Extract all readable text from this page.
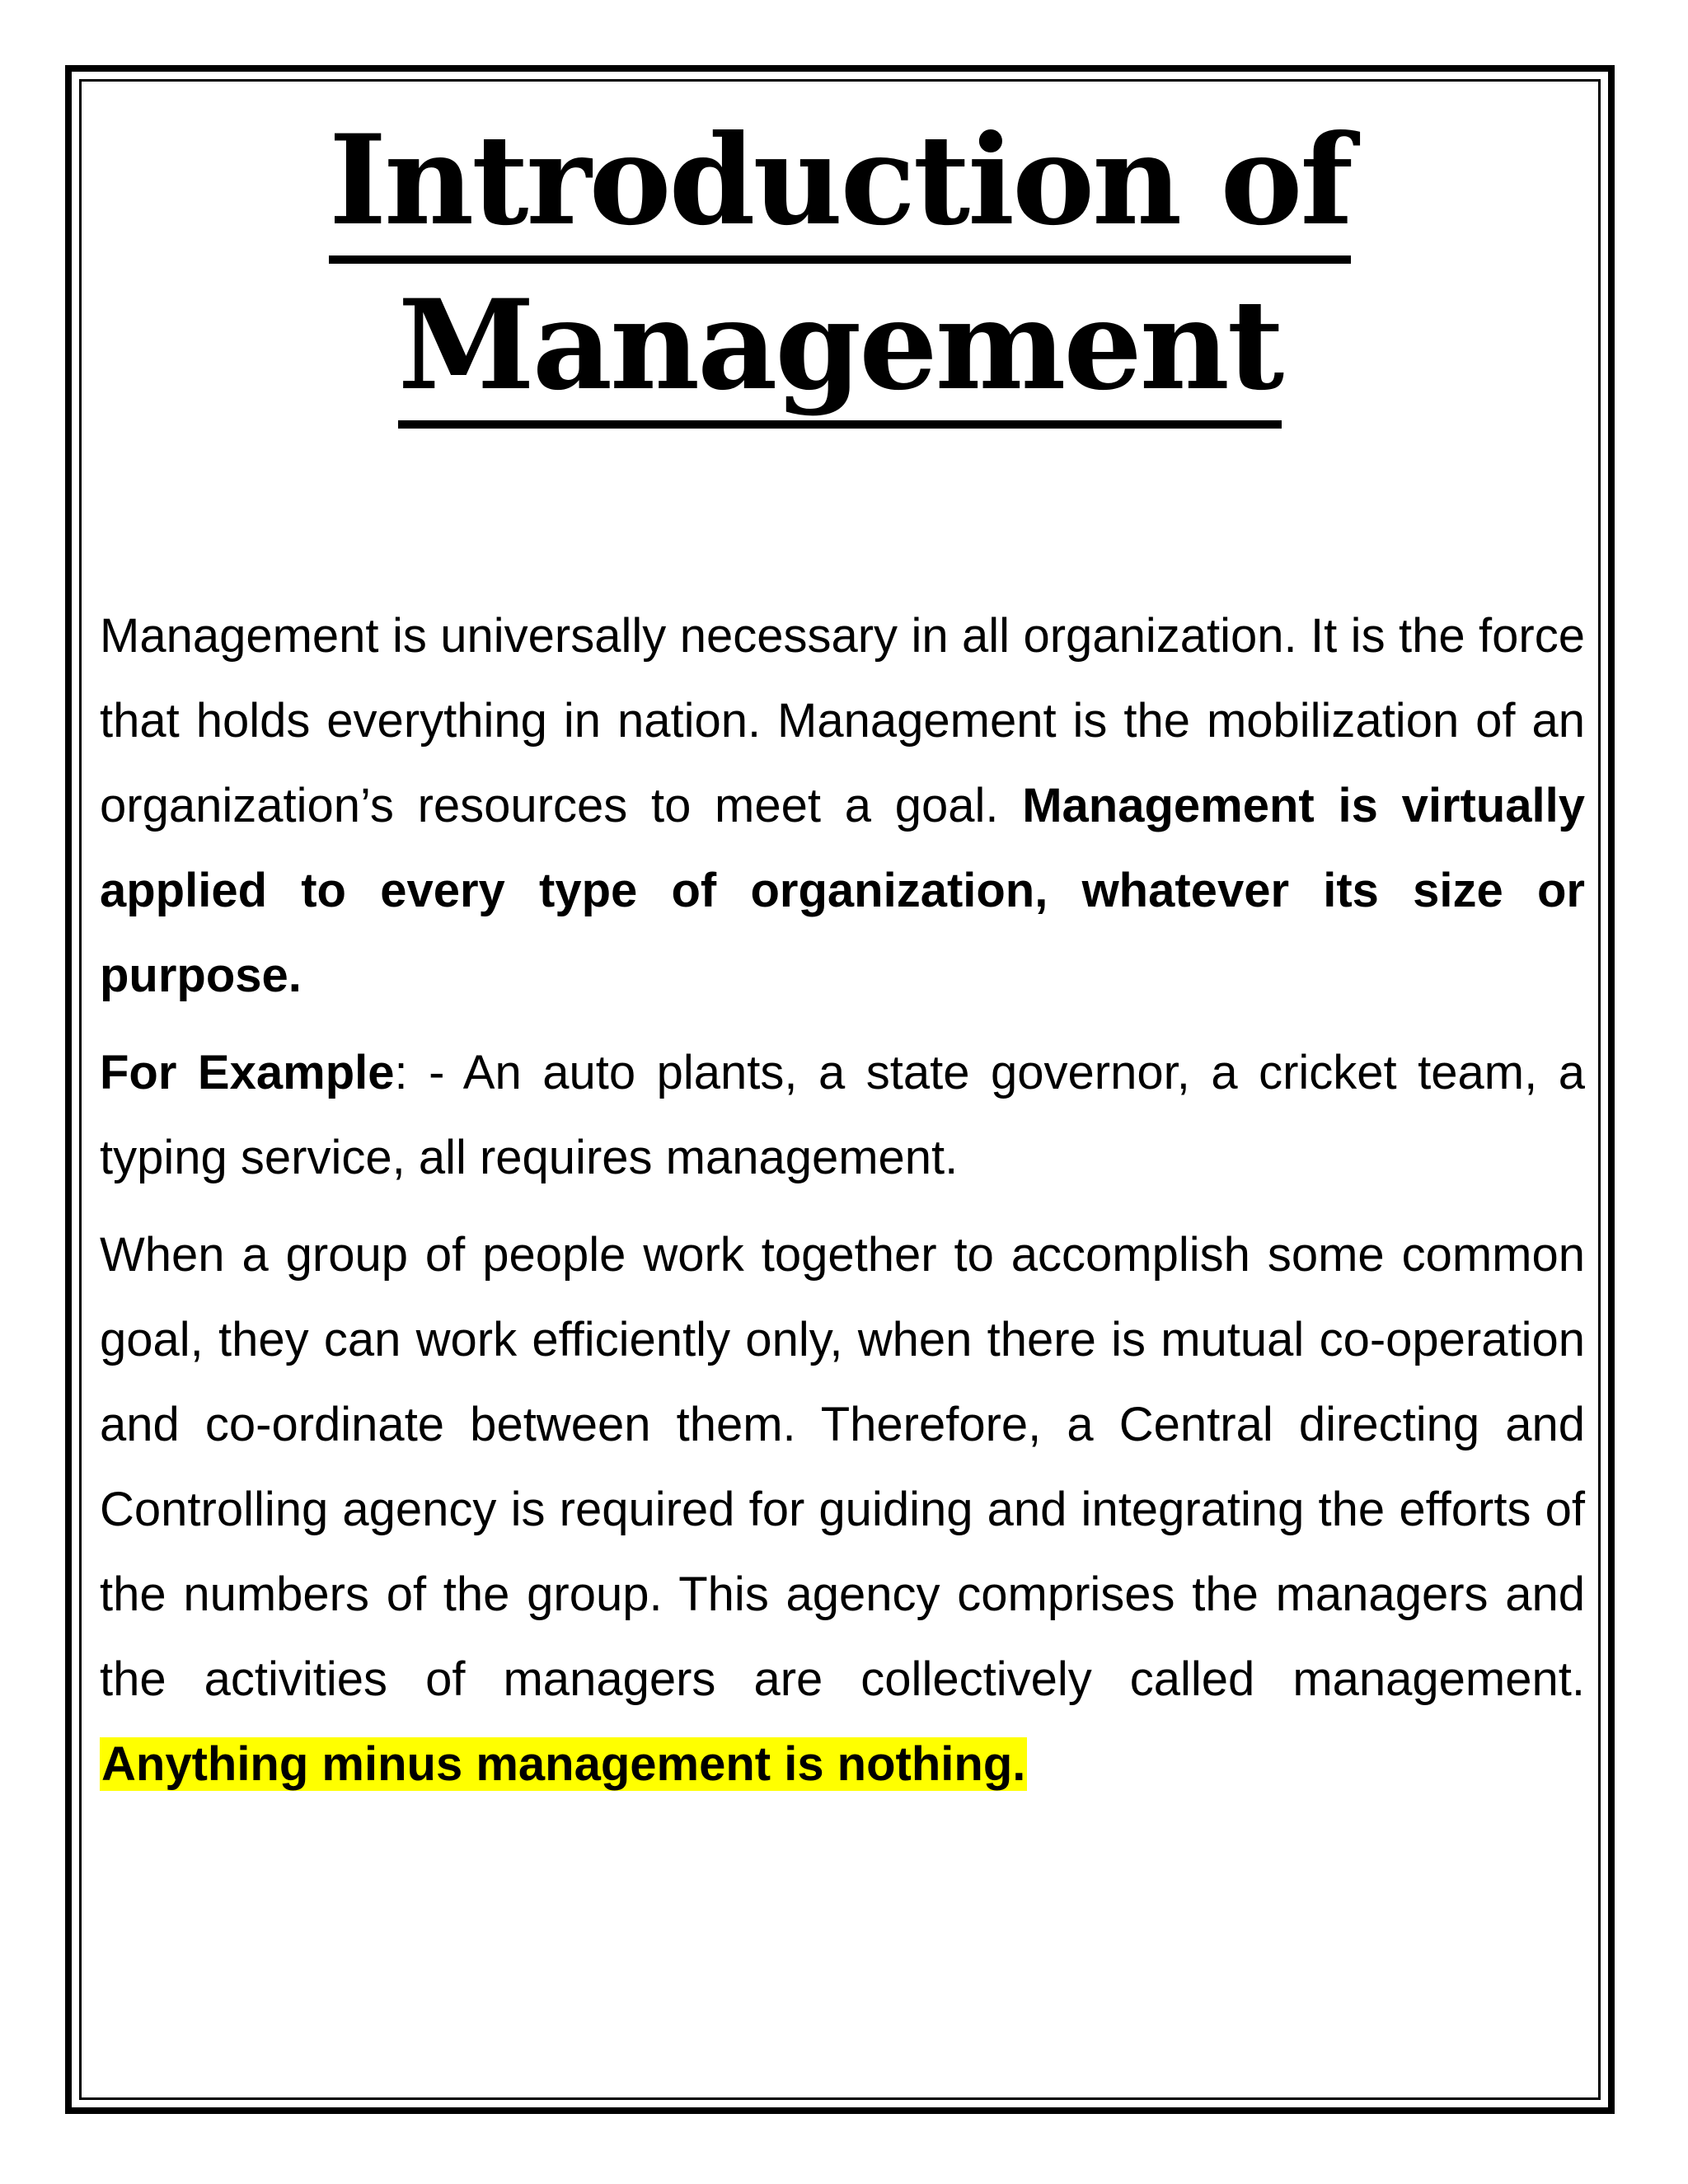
Introduction of
Management

Management is universally necessary in all organization. It is the force that holds everything in nation. Management is the mobilization of an organization’s resources to meet a goal. Management is virtually applied to every type of organization, whatever its size or purpose.

For Example: - An auto plants, a state governor, a cricket team, a typing service, all requires management.

When a group of people work together to accomplish some common goal, they can work efficiently only, when there is mutual co-operation and co-ordinate between them. Therefore, a Central directing and Controlling agency is required for guiding and integrating the efforts of the numbers of the group. This agency comprises the managers and the activities of managers are collectively called management. Anything minus management is nothing.
